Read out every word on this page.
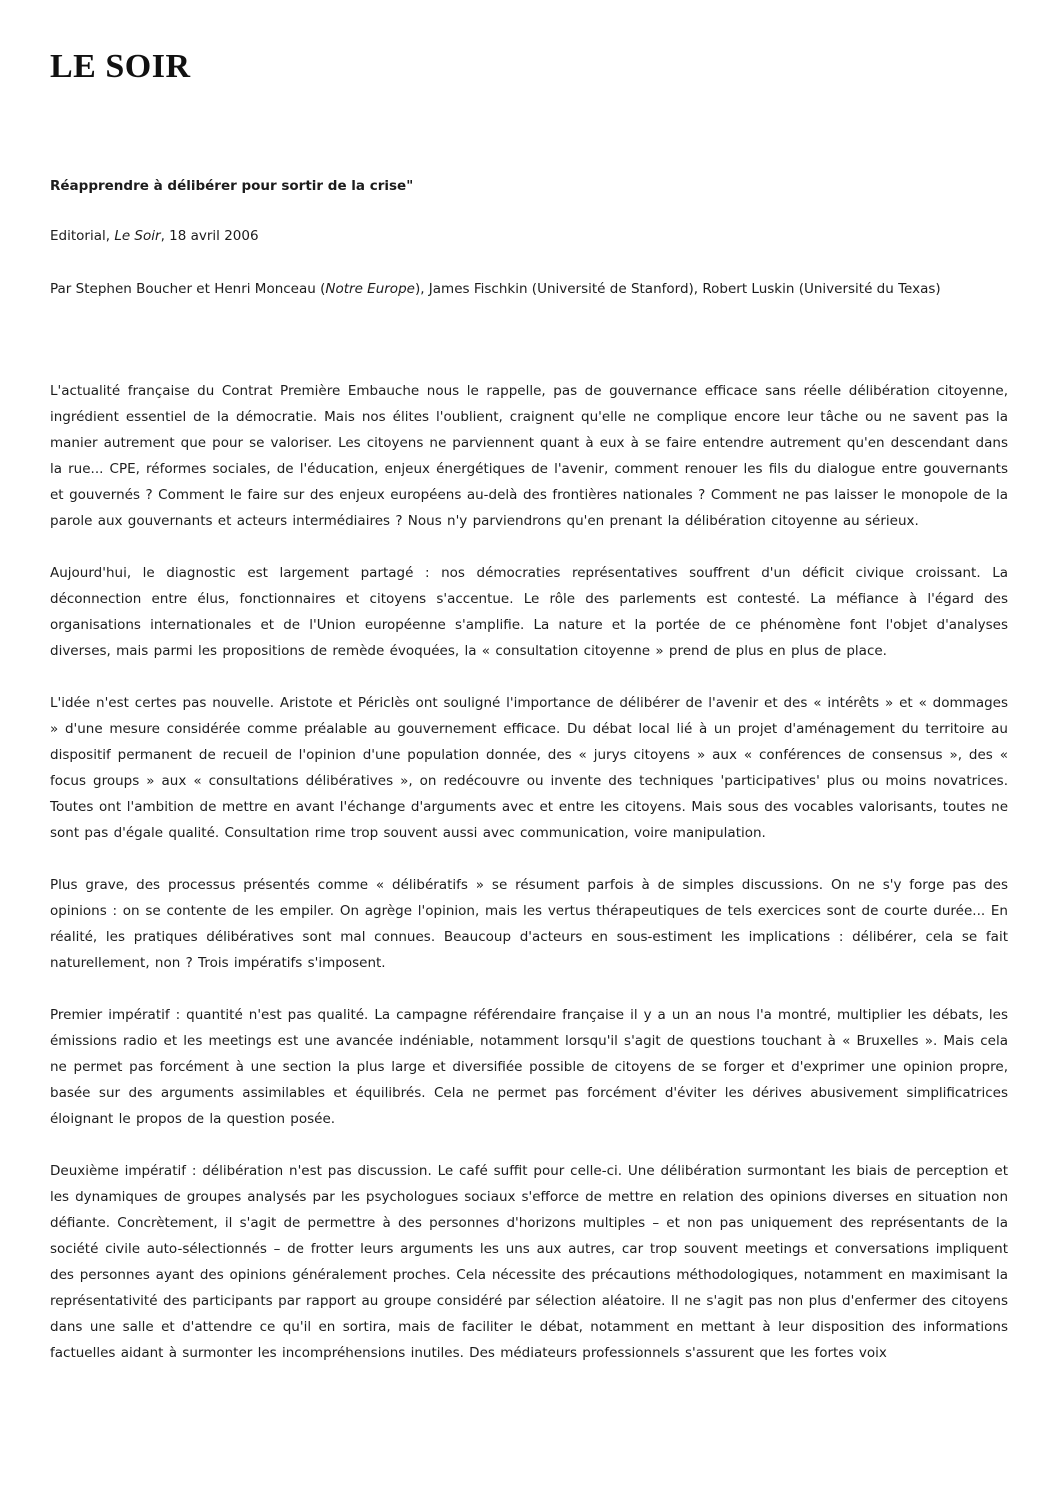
LE SOIR
Réapprendre à délibérer pour sortir de la crise"

Editorial, Le Soir, 18 avril 2006

Par Stephen Boucher et Henri Monceau (Notre Europe), James Fischkin (Université de Stanford), Robert Luskin (Université du Texas)

L'actualité française du Contrat Première Embauche nous le rappelle, pas de gouvernance efficace sans réelle délibération citoyenne, ingrédient essentiel de la démocratie. Mais nos élites l'oublient, craignent qu'elle ne complique encore leur tâche ou ne savent pas la manier autrement que pour se valoriser. Les citoyens ne parviennent quant à eux à se faire entendre autrement qu'en descendant dans la rue... CPE, réformes sociales, de l'éducation, enjeux énergétiques de l'avenir, comment renouer les fils du dialogue entre gouvernants et gouvernés ? Comment le faire sur des enjeux européens au-delà des frontières nationales ? Comment ne pas laisser le monopole de la parole aux gouvernants et acteurs intermédiaires ? Nous n'y parviendrons qu'en prenant la délibération citoyenne au sérieux.

Aujourd'hui, le diagnostic est largement partagé : nos démocraties représentatives souffrent d'un déficit civique croissant. La déconnection entre élus, fonctionnaires et citoyens s'accentue. Le rôle des parlements est contesté. La méfiance à l'égard des organisations internationales et de l'Union européenne s'amplifie. La nature et la portée de ce phénomène font l'objet d'analyses diverses, mais parmi les propositions de remède évoquées, la « consultation citoyenne » prend de plus en plus de place.

L'idée n'est certes pas nouvelle. Aristote et Périclès ont souligné l'importance de délibérer de l'avenir et des « intérêts » et « dommages » d'une mesure considérée comme préalable au gouvernement efficace. Du débat local lié à un projet d'aménagement du territoire au dispositif permanent de recueil de l'opinion d'une population donnée, des « jurys citoyens » aux « conférences de consensus », des « focus groups » aux « consultations délibératives », on redécouvre ou invente des techniques 'participatives' plus ou moins novatrices. Toutes ont l'ambition de mettre en avant l'échange d'arguments avec et entre les citoyens. Mais sous des vocables valorisants, toutes ne sont pas d'égale qualité. Consultation rime trop souvent aussi avec communication, voire manipulation.

Plus grave, des processus présentés comme « délibératifs » se résument parfois à de simples discussions. On ne s'y forge pas des opinions : on se contente de les empiler. On agrège l'opinion, mais les vertus thérapeutiques de tels exercices sont de courte durée... En réalité, les pratiques délibératives sont mal connues. Beaucoup d'acteurs en sous-estiment les implications : délibérer, cela se fait naturellement, non ? Trois impératifs s'imposent.

Premier impératif : quantité n'est pas qualité. La campagne référendaire française il y a un an nous l'a montré, multiplier les débats, les émissions radio et les meetings est une avancée indéniable, notamment lorsqu'il s'agit de questions touchant à « Bruxelles ». Mais cela ne permet pas forcément à une section la plus large et diversifiée possible de citoyens de se forger et d'exprimer une opinion propre, basée sur des arguments assimilables et équilibrés. Cela ne permet pas forcément d'éviter les dérives abusivement simplificatrices éloignant le propos de la question posée.

Deuxième impératif : délibération n'est pas discussion. Le café suffit pour celle-ci. Une délibération surmontant les biais de perception et les dynamiques de groupes analysés par les psychologues sociaux s'efforce de mettre en relation des opinions diverses en situation non défiante. Concrètement, il s'agit de permettre à des personnes d'horizons multiples – et non pas uniquement des représentants de la société civile auto-sélectionnés – de frotter leurs arguments les uns aux autres, car trop souvent meetings et conversations impliquent des personnes ayant des opinions généralement proches. Cela nécessite des précautions méthodologiques, notamment en maximisant la représentativité des participants par rapport au groupe considéré par sélection aléatoire. Il ne s'agit pas non plus d'enfermer des citoyens dans une salle et d'attendre ce qu'il en sortira, mais de faciliter le débat, notamment en mettant à leur disposition des informations factuelles aidant à surmonter les incompréhensions inutiles. Des médiateurs professionnels s'assurent que les fortes voix
